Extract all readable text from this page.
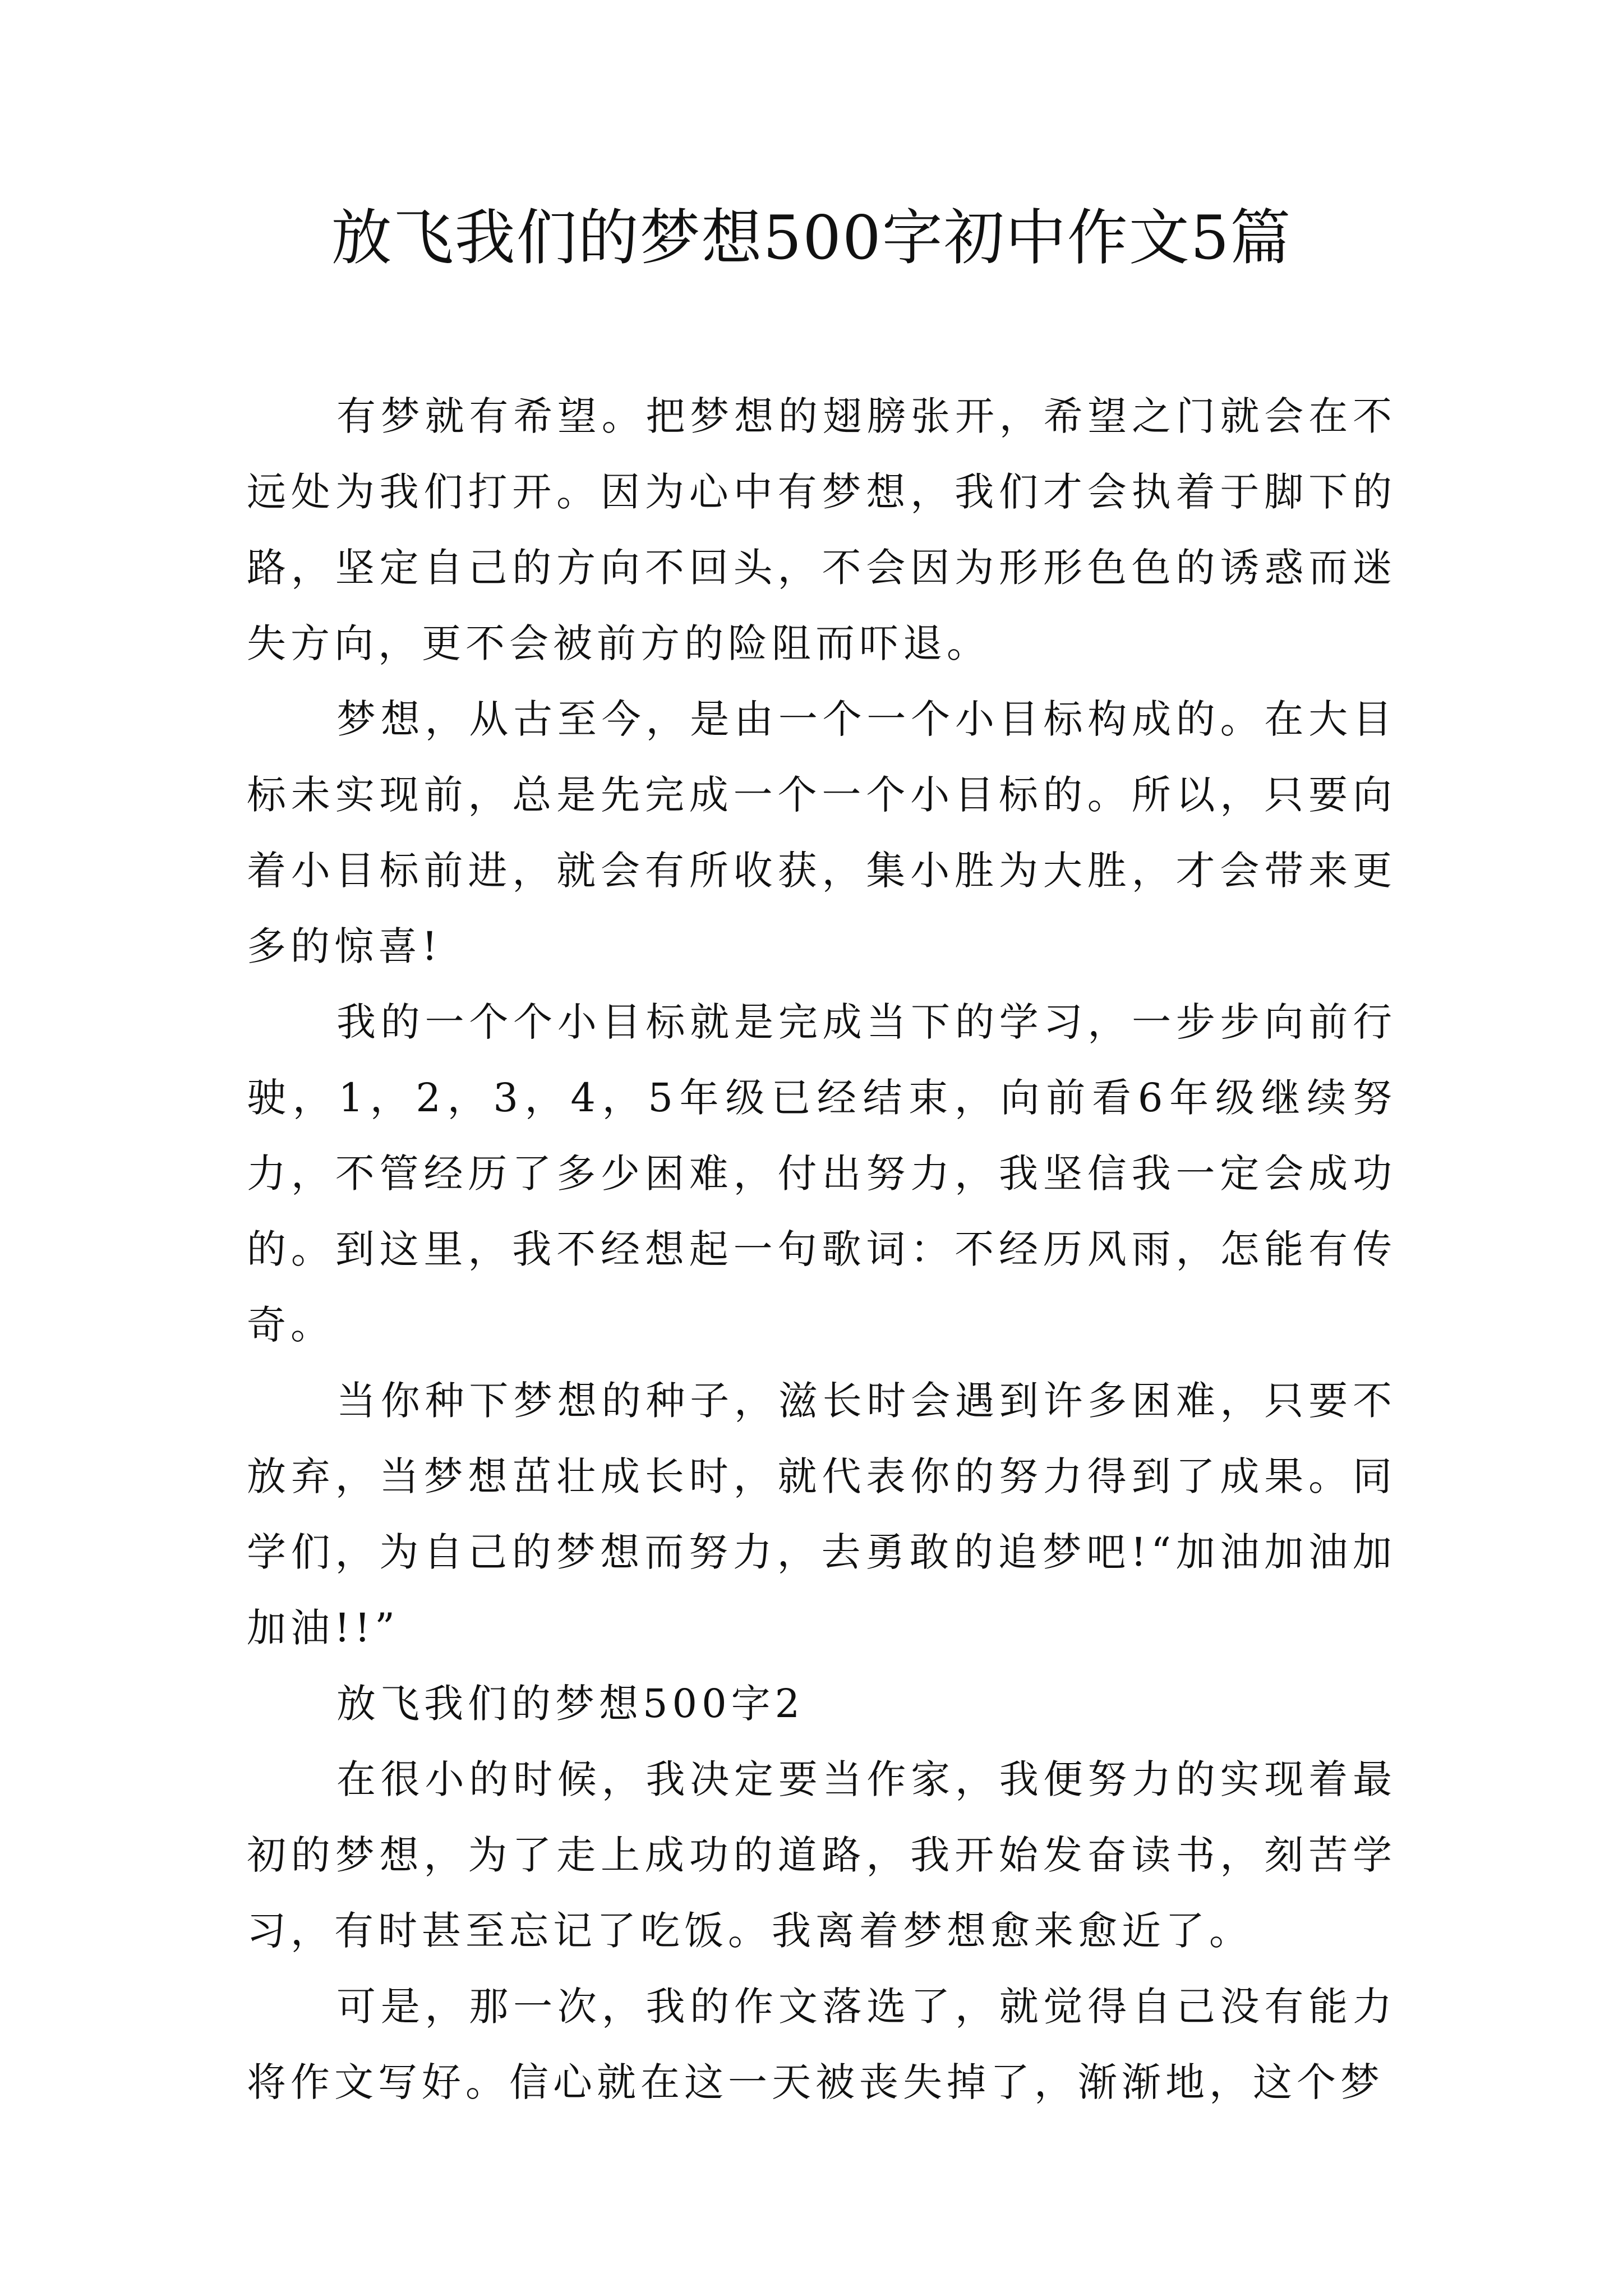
放飞我们的梦想500字初中作文5篇

有梦就有希望。把梦想的翅膀张开，希望之门就会在不远处为我们打开。因为心中有梦想，我们才会执着于脚下的路，坚定自己的方向不回头，不会因为形形色色的诱惑而迷失方向，更不会被前方的险阻而吓退。

梦想，从古至今，是由一个一个小目标构成的。在大目标未实现前，总是先完成一个一个小目标的。所以，只要向着小目标前进，就会有所收获，集小胜为大胜，才会带来更多的惊喜!

我的一个个小目标就是完成当下的学习，一步步向前行驶，1，2，3，4，5年级已经结束，向前看6年级继续努力，不管经历了多少困难，付出努力，我坚信我一定会成功的。到这里，我不经想起一句歌词：不经历风雨，怎能有传奇。

当你种下梦想的种子，滋长时会遇到许多困难，只要不放弃，当梦想茁壮成长时，就代表你的努力得到了成果。同学们，为自己的梦想而努力，去勇敢的追梦吧!“加油加油加加油!!”

放飞我们的梦想500字2

在很小的时候，我决定要当作家，我便努力的实现着最初的梦想，为了走上成功的道路，我开始发奋读书，刻苦学习，有时甚至忘记了吃饭。我离着梦想愈来愈近了。

可是，那一次，我的作文落选了，就觉得自己没有能力将作文写好。信心就在这一天被丧失掉了，渐渐地，这个梦
